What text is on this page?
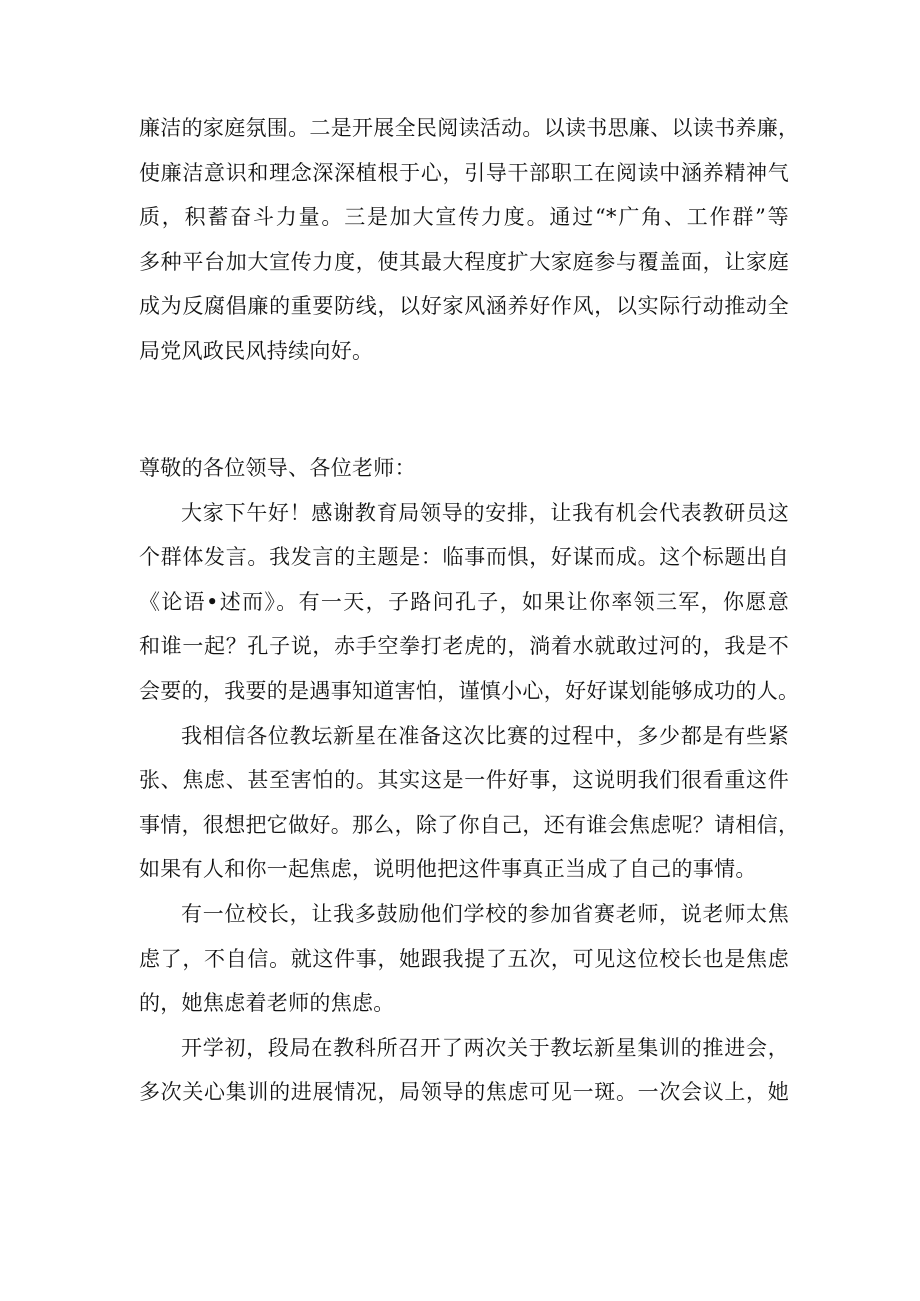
廉洁的家庭氛围。二是开展全民阅读活动。以读书思廉、以读书养廉，
使廉洁意识和理念深深植根于心，引导干部职工在阅读中涵养精神气
质，积蓄奋斗力量。三是加大宣传力度。通过“*广角、工作群”等
多种平台加大宣传力度，使其最大程度扩大家庭参与覆盖面，让家庭
成为反腐倡廉的重要防线，以好家风涵养好作风，以实际行动推动全
局党风政民风持续向好。
尊敬的各位领导、各位老师：
大家下午好！感谢教育局领导的安排，让我有机会代表教研员这
个群体发言。我发言的主题是：临事而惧，好谋而成。这个标题出自
《论语•述而》。有一天，子路问孔子，如果让你率领三军，你愿意
和谁一起？孔子说，赤手空拳打老虎的，淌着水就敢过河的，我是不
会要的，我要的是遇事知道害怕，谨慎小心，好好谋划能够成功的人。
我相信各位教坛新星在准备这次比赛的过程中，多少都是有些紧
张、焦虑、甚至害怕的。其实这是一件好事，这说明我们很看重这件
事情，很想把它做好。那么，除了你自己，还有谁会焦虑呢？请相信，
如果有人和你一起焦虑，说明他把这件事真正当成了自己的事情。
有一位校长，让我多鼓励他们学校的参加省赛老师，说老师太焦
虑了，不自信。就这件事，她跟我提了五次，可见这位校长也是焦虑
的，她焦虑着老师的焦虑。
开学初，段局在教科所召开了两次关于教坛新星集训的推进会，
多次关心集训的进展情况，局领导的焦虑可见一斑。一次会议上，她
